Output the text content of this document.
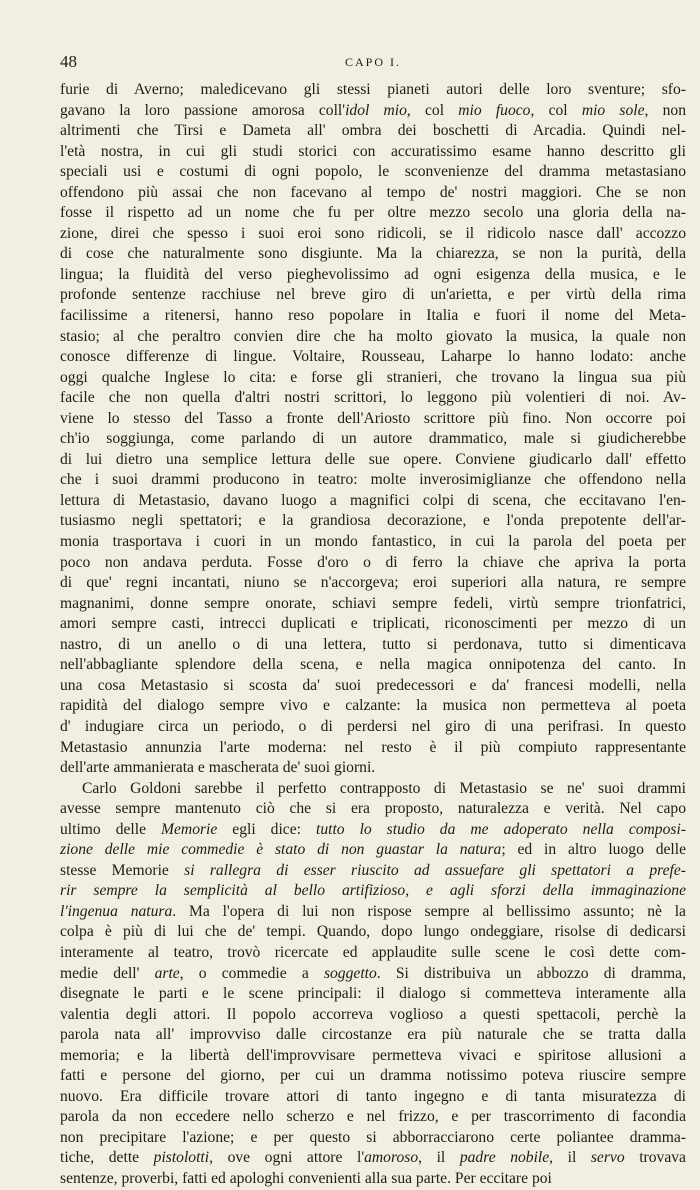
48	CAPO I.
furie di Averno; maledicevano gli stessi pianeti autori delle loro sventure; sfo-
gavano la loro passione amorosa coll'idol mio, col mio fuoco, col mio sole, non
altrimenti che Tirsi e Dameta all' ombra dei boschetti di Arcadia. Quindi nel-
l'età nostra, in cui gli studi storici con accuratissimo esame hanno descritto gli
speciali usi e costumi di ogni popolo, le sconvenienze del dramma metastasiano
offendono più assai che non facevano al tempo de' nostri maggiori. Che se non
fosse il rispetto ad un nome che fu per oltre mezzo secolo una gloria della na-
zione, direi che spesso i suoi eroi sono ridicoli, se il ridicolo nasce dall' accozzo
di cose che naturalmente sono disgiunte. Ma la chiarezza, se non la purità, della
lingua; la fluidità del verso pieghevolissimo ad ogni esigenza della musica, e le
profonde sentenze racchiuse nel breve giro di un'arietta, e per virtù della rima
facilissime a ritenersi, hanno reso popolare in Italia e fuori il nome del Meta-
stasio; al che peraltro convien dire che ha molto giovato la musica, la quale non
conosce differenze di lingue. Voltaire, Rousseau, Laharpe lo hanno lodato: anche
oggi qualche Inglese lo cita: e forse gli stranieri, che trovano la lingua sua più
facile che non quella d'altri nostri scrittori, lo leggono più volentieri di noi. Av-
viene lo stesso del Tasso a fronte dell'Ariosto scrittore più fino. Non occorre poi
ch'io soggiunga, come parlando di un autore drammatico, male si giudicherebbe
di lui dietro una semplice lettura delle sue opere. Conviene giudicarlo dall' effetto
che i suoi drammi producono in teatro: molte inverosimiglianze che offendono nella
lettura di Metastasio, davano luogo a magnifici colpi di scena, che eccitavano l'en-
tusiasmo negli spettatori; e la grandiosa decorazione, e l'onda prepotente dell'ar-
monia trasportava i cuori in un mondo fantastico, in cui la parola del poeta per
poco non andava perduta. Fosse d'oro o di ferro la chiave che apriva la porta
di que' regni incantati, niuno se n'accorgeva; eroi superiori alla natura, re sempre
magnanimi, donne sempre onorate, schiavi sempre fedeli, virtù sempre trionfatrici,
amori sempre casti, intrecci duplicati e triplicati, riconoscimenti per mezzo di un
nastro, di un anello o di una lettera, tutto si perdonava, tutto si dimenticava
nell'abbagliante splendore della scena, e nella magica onnipotenza del canto. In
una cosa Metastasio si scosta da' suoi predecessori e da' francesi modelli, nella
rapidità del dialogo sempre vivo e calzante: la musica non permetteva al poeta
d' indugiare circa un periodo, o di perdersi nel giro di una perifrasi. In questo
Metastasio annunzia l'arte moderna: nel resto è il più compiuto rappresentante
dell'arte ammanierata e mascherata de' suoi giorni.
Carlo Goldoni sarebbe il perfetto contrapposto di Metastasio se ne' suoi drammi
avesse sempre mantenuto ciò che si era proposto, naturalezza e verità. Nel capo
ultimo delle Memorie egli dice: tutto lo studio da me adoperato nella composi-
zione delle mie commedie è stato di non guastar la natura; ed in altro luogo delle
stesse Memorie si rallegra di esser riuscito ad assuefare gli spettatori a prefe-
rir sempre la semplicità al bello artifizioso, e agli sforzi della immaginazione
l'ingenua natura. Ma l'opera di lui non rispose sempre al bellissimo assunto; nè la
colpa è più di lui che de' tempi. Quando, dopo lungo ondeggiare, risolse di dedicarsi
interamente al teatro, trovò ricercate ed applaudite sulle scene le così dette com-
medie dell' arte, o commedie a soggetto. Si distribuiva un abbozzo di dramma,
disegnate le parti e le scene principali: il dialogo si commetteva interamente alla
valentia degli attori. Il popolo accorreva voglioso a questi spettacoli, perchè la
parola nata all' improvviso dalle circostanze era più naturale che se tratta dalla
memoria; e la libertà dell'improvvisare permetteva vivaci e spiritose allusioni a
fatti e persone del giorno, per cui un dramma notissimo poteva riuscire sempre
nuovo. Era difficile trovare attori di tanto ingegno e di tanta misuratezza di
parola da non eccedere nello scherzo e nel frizzo, e per trascorrimento di facondia
non precipitare l'azione; e per questo si abborracciarono certe poliantee dramma-
tiche, dette pistolotti, ove ogni attore l'amoroso, il padre nobile, il servo trovava
sentenze, proverbi, fatti ed apologhi convenienti alla sua parte. Per eccitare poi
